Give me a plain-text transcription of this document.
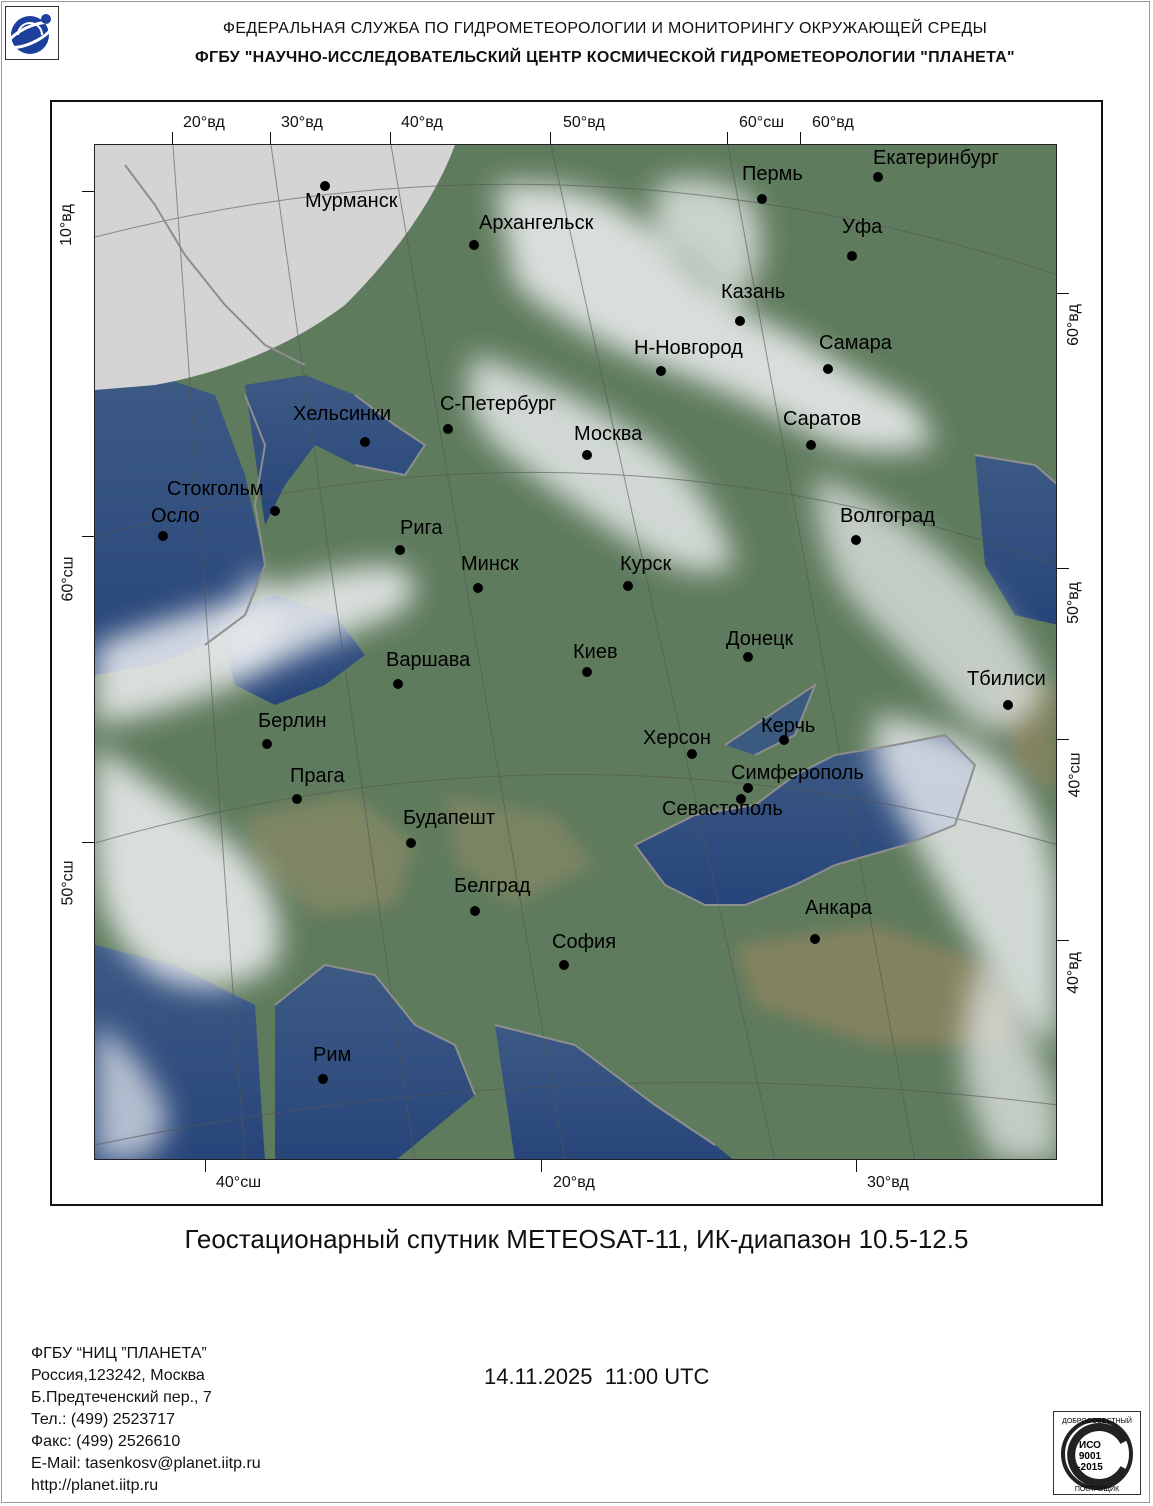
ФЕДЕРАЛЬНАЯ СЛУЖБА ПО ГИДРОМЕТЕОРОЛОГИИ И МОНИТОРИНГУ ОКРУЖАЮЩЕЙ СРЕДЫ
ФГБУ "НАУЧНО-ИССЛЕДОВАТЕЛЬСКИЙ ЦЕНТР КОСМИЧЕСКОЙ ГИДРОМЕТЕОРОЛОГИИ "ПЛАНЕТА"
20°вд	30°вд	40°вд	50°вд	60°сш 60°вд
40°сш	20°вд	30°вд
10°вд
60°сш
50°сш
60°вд
50°вд
40°сш
40°вд
Мурманск
Архангельск
Пермь
Екатеринбург
Уфа
Казань
Н-Новгород	Самара
Хельсинки С-Петербург
Москва
Саратов
Стокгольм
Осло
Рига
Волгоград
Минск	Курск
Донецк
Варшава	Киев
Тбилиси
Берлин
Херсон
Керчь
Прага	Симферополь
Севастополь
Будапешт
Белград
Анкара
София
Рим
Геостационарный спутник METEOSAT-11, ИК-диапазон 10.5-12.5
ФГБУ “НИЦ ”ПЛАНЕТА”
Россия,123242, Москва
Б.Предтеченский пер., 7
Тел.: (499) 2523717
Факс: (499) 2526610
E-Mail: tasenkosv@planet.iitp.ru
http://planet.iitp.ru
14.11.2025  11:00 UTC
ДОБРОСОВЕСТНЫЙ
ИСО
9001
-2015
ПОСТАВЩИК
